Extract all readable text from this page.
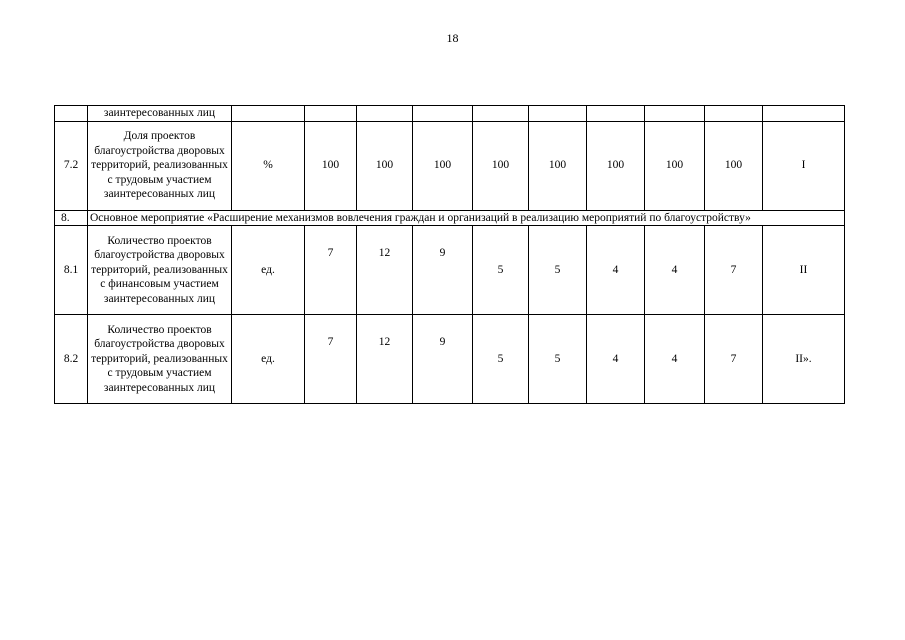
18
	заинтересованных лиц										
7.2	Доля проектов благоустройства дворовых территорий, реализованных с трудовым участием заинтересованных лиц	%	100	100	100	100	100	100	100	100	I
8.	Основное мероприятие «Расширение механизмов вовлечения граждан и организаций в реализацию мероприятий по благоустройству»										
8.1	Количество проектов благоустройства дворовых территорий, реализованных с финансовым участием заинтересованных лиц	ед.	7	12	9	5	5	4	4	7	II
8.2	Количество проектов благоустройства дворовых территорий, реализованных с трудовым участием заинтересованных лиц	ед.	7	12	9	5	5	4	4	7	II».
